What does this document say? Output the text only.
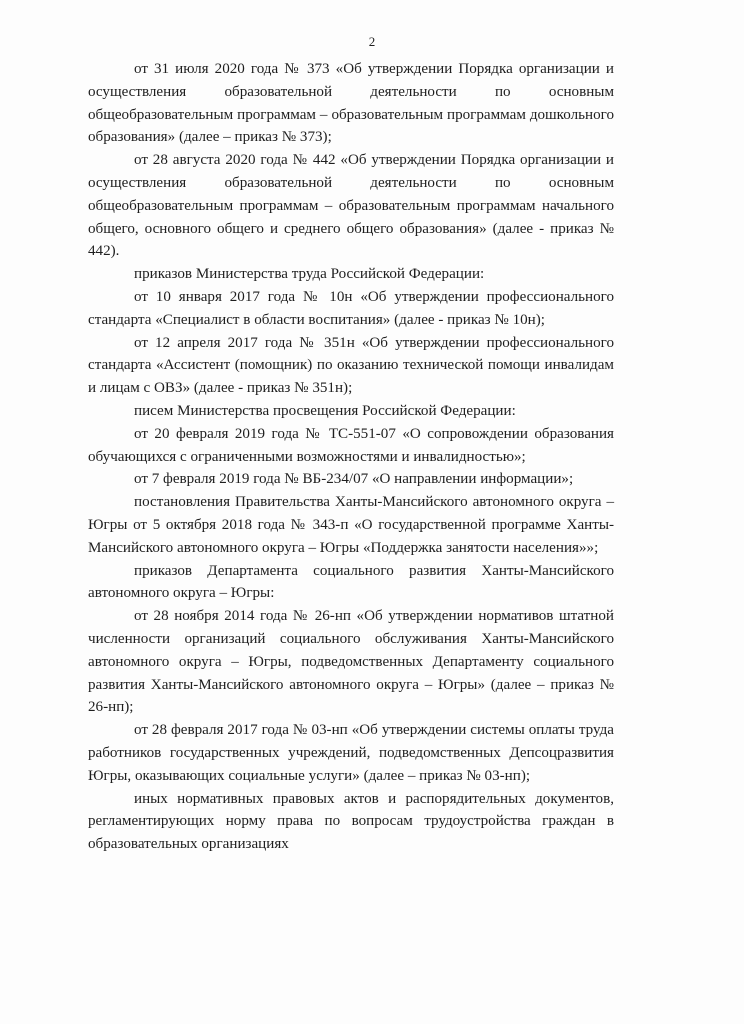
2

от 31 июля 2020 года № 373 «Об утверждении Порядка организации и осуществления образовательной деятельности по основным общеобразовательным программам – образовательным программам дошкольного образования» (далее – приказ № 373);

от 28 августа 2020 года № 442 «Об утверждении Порядка организации и осуществления образовательной деятельности по основным общеобразовательным программам – образовательным программам начального общего, основного общего и среднего общего образования» (далее - приказ № 442).

приказов Министерства труда Российской Федерации:

от 10 января 2017 года № 10н «Об утверждении профессионального стандарта «Специалист в области воспитания» (далее - приказ № 10н);

от 12 апреля 2017 года № 351н «Об утверждении профессионального стандарта «Ассистент (помощник) по оказанию технической помощи инвалидам и лицам с ОВЗ» (далее - приказ № 351н);

писем Министерства просвещения Российской Федерации:

от 20 февраля 2019 года № ТС-551-07 «О сопровождении образования обучающихся с ограниченными возможностями и инвалидностью»;

от 7 февраля 2019 года № ВБ-234/07 «О направлении информации»;

постановления Правительства Ханты-Мансийского автономного округа – Югры от 5 октября 2018 года № 343-п «О государственной программе Ханты-Мансийского автономного округа – Югры «Поддержка занятости населения»»;

приказов Департамента социального развития Ханты-Мансийского автономного округа – Югры:

от 28 ноября 2014 года № 26-нп «Об утверждении нормативов штатной численности организаций социального обслуживания Ханты-Мансийского автономного округа – Югры, подведомственных Департаменту социального развития Ханты-Мансийского автономного округа – Югры» (далее – приказ № 26-нп);

от 28 февраля 2017 года № 03-нп «Об утверждении системы оплаты труда работников государственных учреждений, подведомственных Депсоцразвития Югры, оказывающих социальные услуги» (далее – приказ № 03-нп);

иных нормативных правовых актов и распорядительных документов, регламентирующих норму права по вопросам трудоустройства граждан в образовательных организациях
